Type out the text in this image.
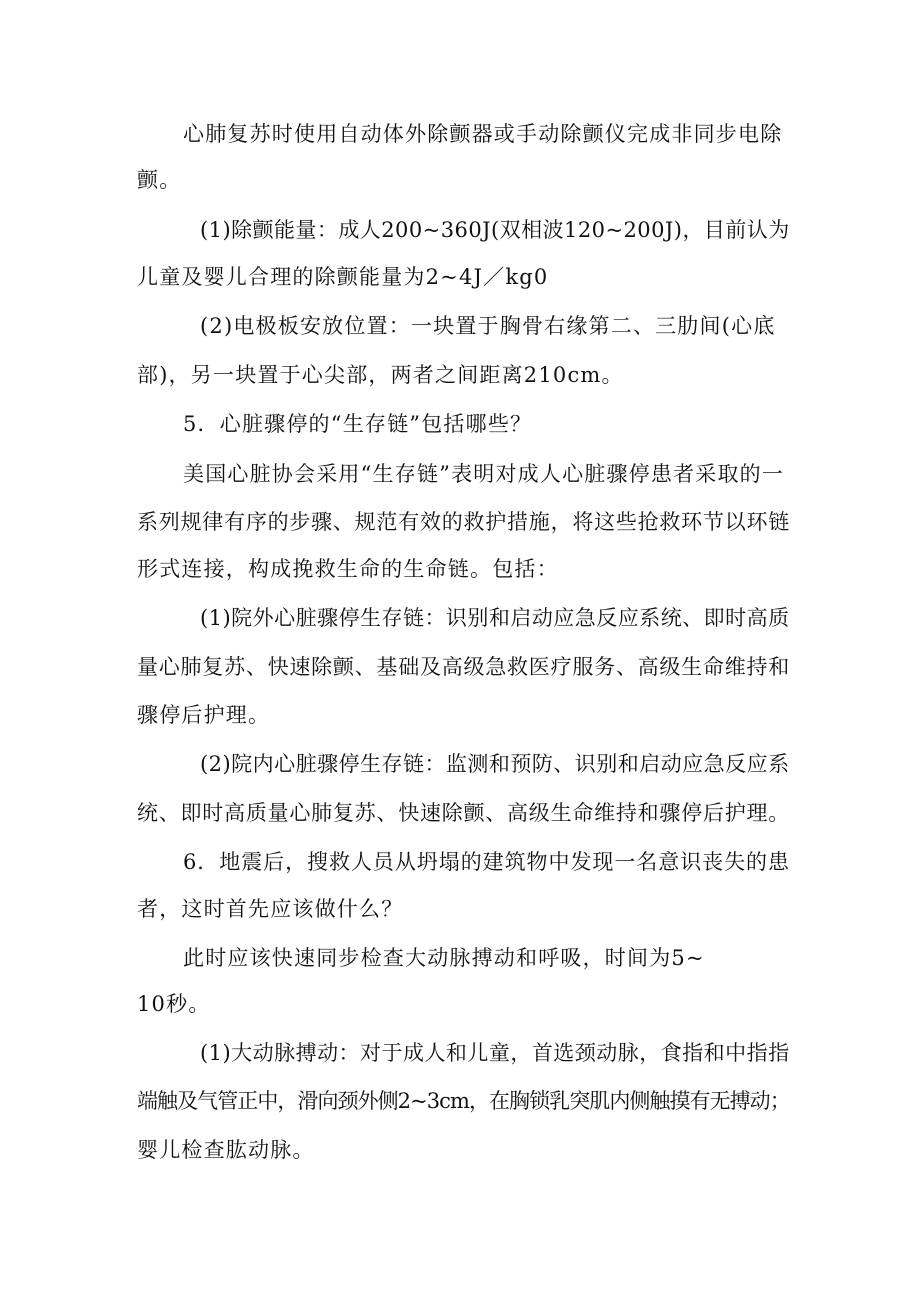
心肺复苏时使用自动体外除颤器或手动除颤仪完成非同步电除
颤。
(1)除颤能量：成人200~360J(双相波120~200J)，目前认为
儿童及婴儿合理的除颤能量为2~4J／kg0
(2)电极板安放位置：一块置于胸骨右缘第二、三肋间(心底
部)，另一块置于心尖部，两者之间距离210cm。
5．心脏骤停的“生存链”包括哪些？
美国心脏协会采用“生存链”表明对成人心脏骤停患者采取的一
系列规律有序的步骤、规范有效的救护措施，将这些抢救环节以环链
形式连接，构成挽救生命的生命链。包括：
(1)院外心脏骤停生存链：识别和启动应急反应系统、即时高质
量心肺复苏、快速除颤、基础及高级急救医疗服务、高级生命维持和
骤停后护理。
(2)院内心脏骤停生存链：监测和预防、识别和启动应急反应系
统、即时高质量心肺复苏、快速除颤、高级生命维持和骤停后护理。
6．地震后，搜救人员从坍塌的建筑物中发现一名意识丧失的患
者，这时首先应该做什么？
此时应该快速同步检查大动脉搏动和呼吸，时间为5~
10秒。
(1)大动脉搏动：对于成人和儿童，首选颈动脉，食指和中指指
端触及气管正中，滑向颈外侧2~3cm，在胸锁乳突肌内侧触摸有无搏动；
婴儿检查肱动脉。
